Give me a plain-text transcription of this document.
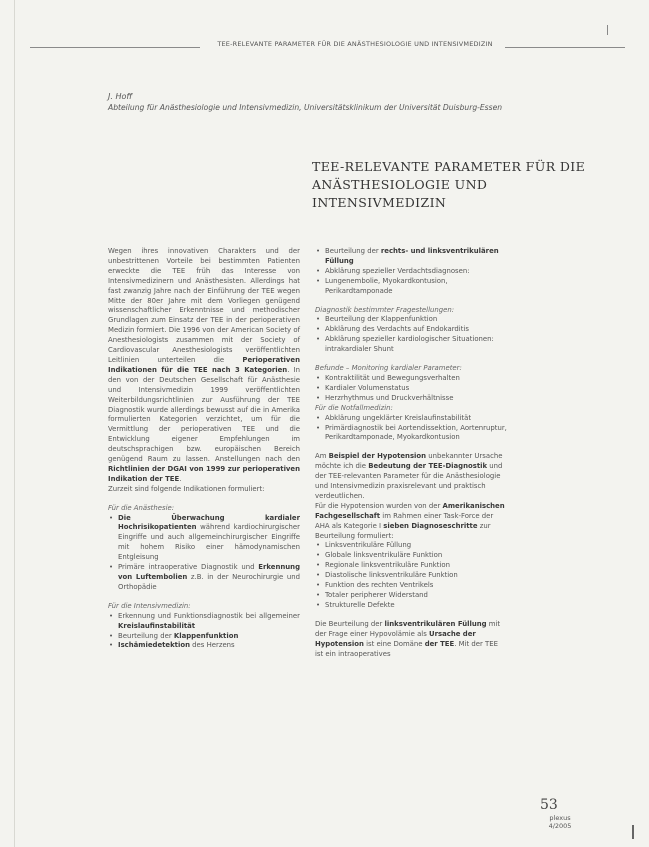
TEE-RELEVANTE PARAMETER FÜR DIE ANÄSTHESIOLOGIE UND INTENSIVMEDIZIN
J. Hoff
Abteilung für Anästhesiologie und Intensivmedizin, Universitätsklinikum der Universität Duisburg-Essen
TEE-RELEVANTE PARAMETER FÜR DIE
ANÄSTHESIOLOGIE UND INTENSIVMEDIZIN

Wegen ihres innovativen Charakters und der unbestrittenen Vorteile bei bestimmten Patienten erweckte die TEE früh das Interesse von Intensivmedizinern und Anästhesisten. Allerdings hat fast zwanzig Jahre nach der Einführung der TEE wegen Mitte der 80er Jahre mit dem Vorliegen genügend wissenschaftlicher Erkenntnisse und methodischer Grundlagen zum Einsatz der TEE in der perioperativen Medizin formiert. Die 1996 von der American Society of Anesthesiologists zusammen mit der Society of Cardiovascular Anesthesiologists veröffentlichten Leitlinien unterteilen die Perioperativen Indikationen für die TEE nach 3 Kategorien. In den von der Deutschen Gesellschaft für Anästhesie und Intensivmedizin 1999 veröffentlichten Weiterbildungsrichtlinien zur Ausführung der TEE Diagnostik wurde allerdings bewusst auf die in Amerika formulierten Kategorien verzichtet, um für die Vermittlung der perioperativen TEE und die Entwicklung eigener Empfehlungen im deutschsprachigen bzw. europäischen Bereich genügend Raum zu lassen. Anstellungen nach den Richtlinien der DGAI von 1999 zur perioperativen Indikation der TEE.

Zurzeit sind folgende Indikationen formuliert:

Für die Anästhesie:

• Die Überwachung kardialer Hochrisikopatienten während kardiochirurgischer Eingriffe und auch allgemeinchirurgischer Eingriffe mit hohem Risiko einer hämodynamischen Entgleisung
• Primäre intraoperative Diagnostik und Erkennung von Luftembolien z.B. in der Neurochirurgie und Orthopädie

Für die Intensivmedizin:

• Erkennung und Funktionsdiagnostik bei allgemeiner Kreislaufinstabilität
• Beurteilung der Klappenfunktion
• Ischämiedetektion des Herzens
• Beurteilung der rechts- und linksventrikulären Füllung
• Abklärung spezieller Verdachtsdiagnosen:
• Lungenembolie, Myokardkontusion, Perikardtamponade

Diagnostik bestimmter Fragestellungen:

• Beurteilung der Klappenfunktion
• Abklärung des Verdachts auf Endokarditis
• Abklärung spezieller kardiologischer Situationen: intrakardialer Shunt

Befunde – Monitoring kardialer Parameter:

• Kontraktilität und Bewegungsverhalten
• Kardialer Volumenstatus
• Herzrhythmus und Druckverhältnisse

Für die Notfallmedizin:

• Abklärung ungeklärter Kreislaufinstabilität
• Primärdiagnostik bei Aortendissektion, Aortenruptur, Perikardtamponade, Myokardkontusion

Am Beispiel der Hypotension unbekannter Ursache möchte ich die Bedeutung der TEE-Diagnostik und der TEE-relevanten Parameter für die Anästhesiologie und Intensivmedizin praxisrelevant und praktisch verdeutlichen.

Für die Hypotension wurden von der Amerikanischen Fachgesellschaft im Rahmen einer Task-Force der AHA als Kategorie I sieben Diagnoseschritte zur Beurteilung formuliert:

• Linksventrikuläre Füllung
• Globale linksventrikuläre Funktion
• Regionale linksventrikuläre Funktion
• Diastolische linksventrikuläre Funktion
• Funktion des rechten Ventrikels
• Totaler peripherer Widerstand
• Strukturelle Defekte

Die Beurteilung der linksventrikulären Füllung mit der Frage einer Hypovolämie als Ursache der Hypotension ist eine Domäne der TEE. Mit der TEE ist ein intraoperatives

53
plexus
4/2005
